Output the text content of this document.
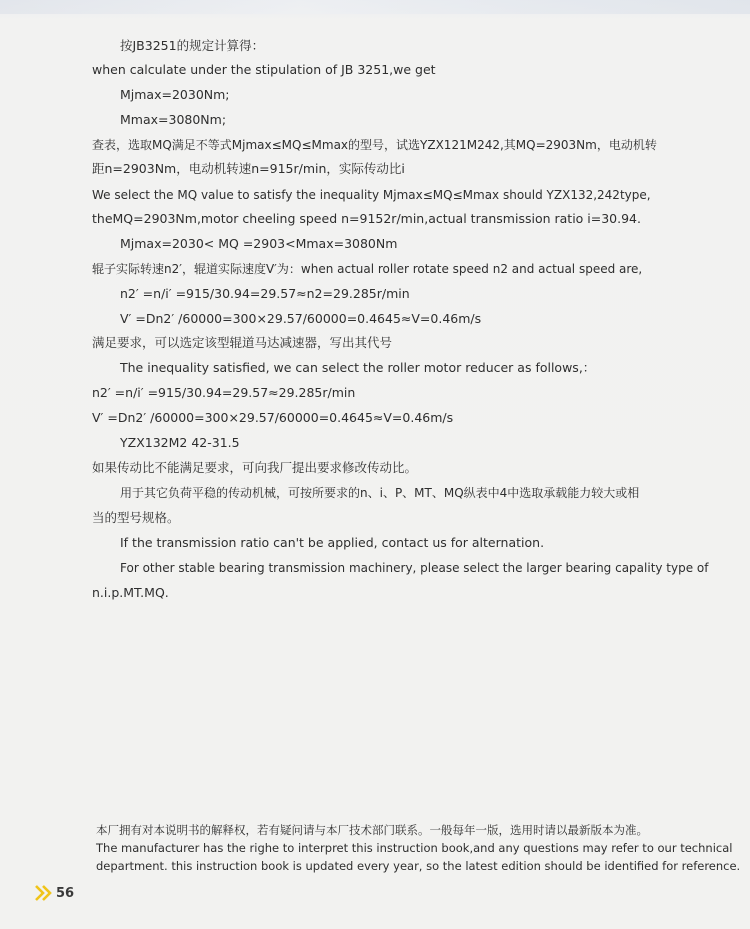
按JB3251的规定计算得：
when calculate under the stipulation of JB 3251,we get
Mjmax=2030Nm;
Mmax=3080Nm;
查表，选取MQ满足不等式Mjmax≤MQ≤Mmax的型号，试选YZX121M242,其MQ=2903Nm，电动机转
距n=2903Nm，电动机转速n=915r/min，实际传动比i
We select the MQ value to satisfy the inequality Mjmax≤MQ≤Mmax should YZX132,242type,
theMQ=2903Nm,motor cheeling speed n=9152r/min,actual transmission ratio i=30.94.
Mjmax=2030< MQ =2903<Mmax=3080Nm
辊子实际转速n2′，辊道实际速度V′为：when actual roller rotate speed n2 and actual speed are,
n2′ =n/i′ =915/30.94=29.57≈n2=29.285r/min
V′ =Dn2′ /60000=300×29.57/60000=0.4645≈V=0.46m/s
满足要求，可以选定该型辊道马达减速器，写出其代号
The inequality satisfied, we can select the roller motor reducer as follows,：
n2′ =n/i′ =915/30.94=29.57≈29.285r/min
V′ =Dn2′ /60000=300×29.57/60000=0.4645≈V=0.46m/s
YZX132M2 42-31.5
如果传动比不能满足要求，可向我厂提出要求修改传动比。
用于其它负荷平稳的传动机械，可按所要求的n、i、P、MT、MQ纵表中4中选取承载能力较大或相
当的型号规格。
If the transmission ratio can't be applied, contact us for alternation.
For other stable bearing transmission machinery, please select the larger bearing capality type of
n.i.p.MT.MQ.
本厂拥有对本说明书的解释权，若有疑问请与本厂技术部门联系。一般每年一版，选用时请以最新版本为准。
The manufacturer has the righe to interpret this instruction book,and any questions may refer to our technical
department. this instruction book is updated every year, so the latest edition should be identified for reference.
56
